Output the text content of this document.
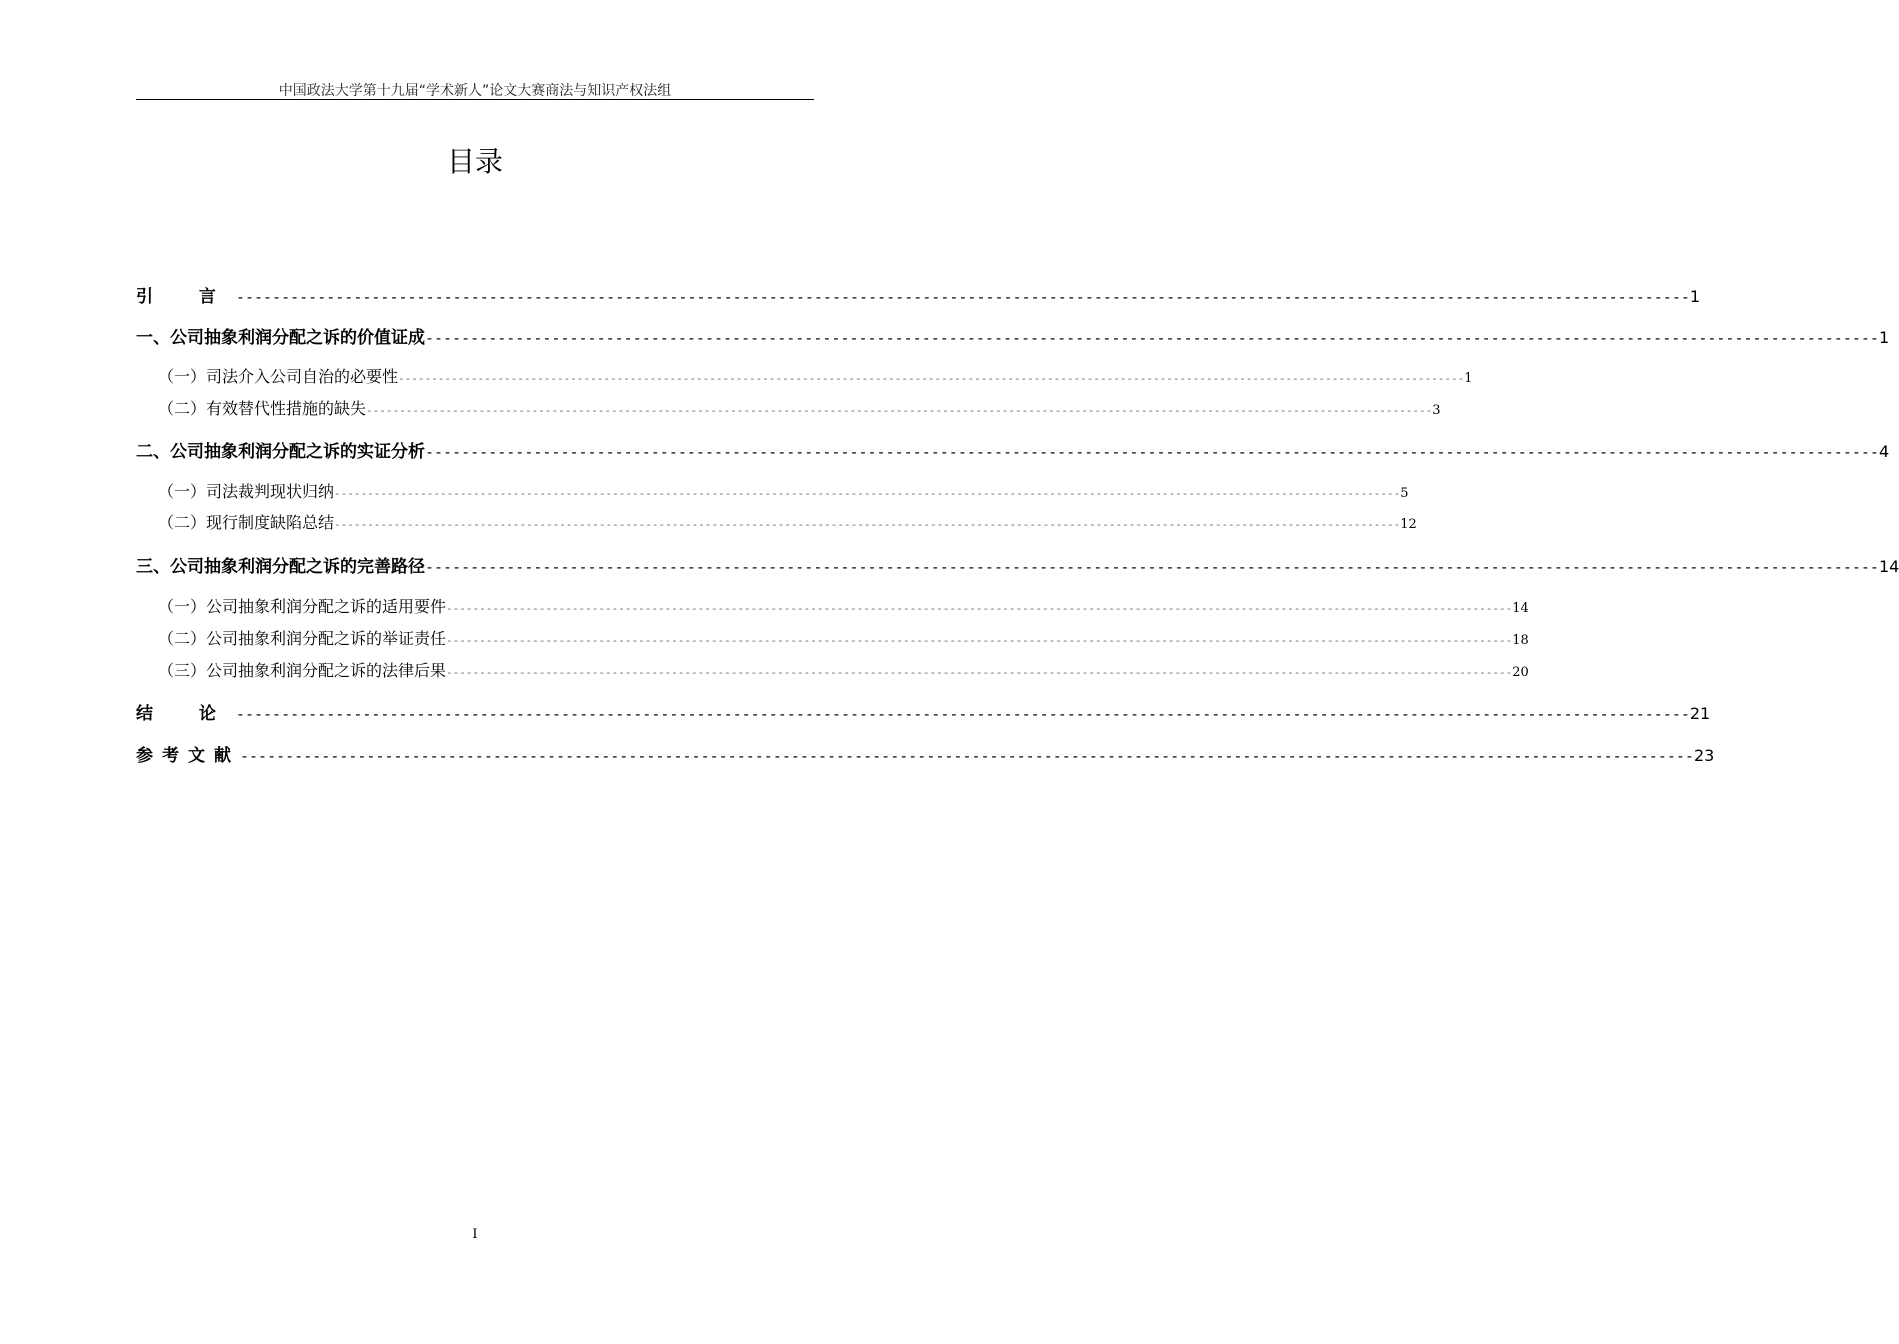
中国政法大学第十九届“学术新人”论文大赛商法与知识产权法组
目录
引 言 ----------------------------------------------------------------------------------------------------------------------------------------------------------------- 1
一、公司抽象利润分配之诉的价值证成 ----------------------------------------------------------------------------------------------------------------------------------------------------------------- 1
（一）司法介入公司自治的必要性 ----------------------------------------------------------------------------------------------------------------------------------------------------------------- 1
（二）有效替代性措施的缺失 ----------------------------------------------------------------------------------------------------------------------------------------------------------------- 3
二、公司抽象利润分配之诉的实证分析 ----------------------------------------------------------------------------------------------------------------------------------------------------------------- 4
（一）司法裁判现状归纳 ----------------------------------------------------------------------------------------------------------------------------------------------------------------- 5
（二）现行制度缺陷总结 ----------------------------------------------------------------------------------------------------------------------------------------------------------------- 12
三、公司抽象利润分配之诉的完善路径 ----------------------------------------------------------------------------------------------------------------------------------------------------------------- 14
（一）公司抽象利润分配之诉的适用要件 ----------------------------------------------------------------------------------------------------------------------------------------------------------------- 14
（二）公司抽象利润分配之诉的举证责任 ----------------------------------------------------------------------------------------------------------------------------------------------------------------- 18
（三）公司抽象利润分配之诉的法律后果 ----------------------------------------------------------------------------------------------------------------------------------------------------------------- 20
结 论 ----------------------------------------------------------------------------------------------------------------------------------------------------------------- 21
参考文献 ----------------------------------------------------------------------------------------------------------------------------------------------------------------- 23
I
